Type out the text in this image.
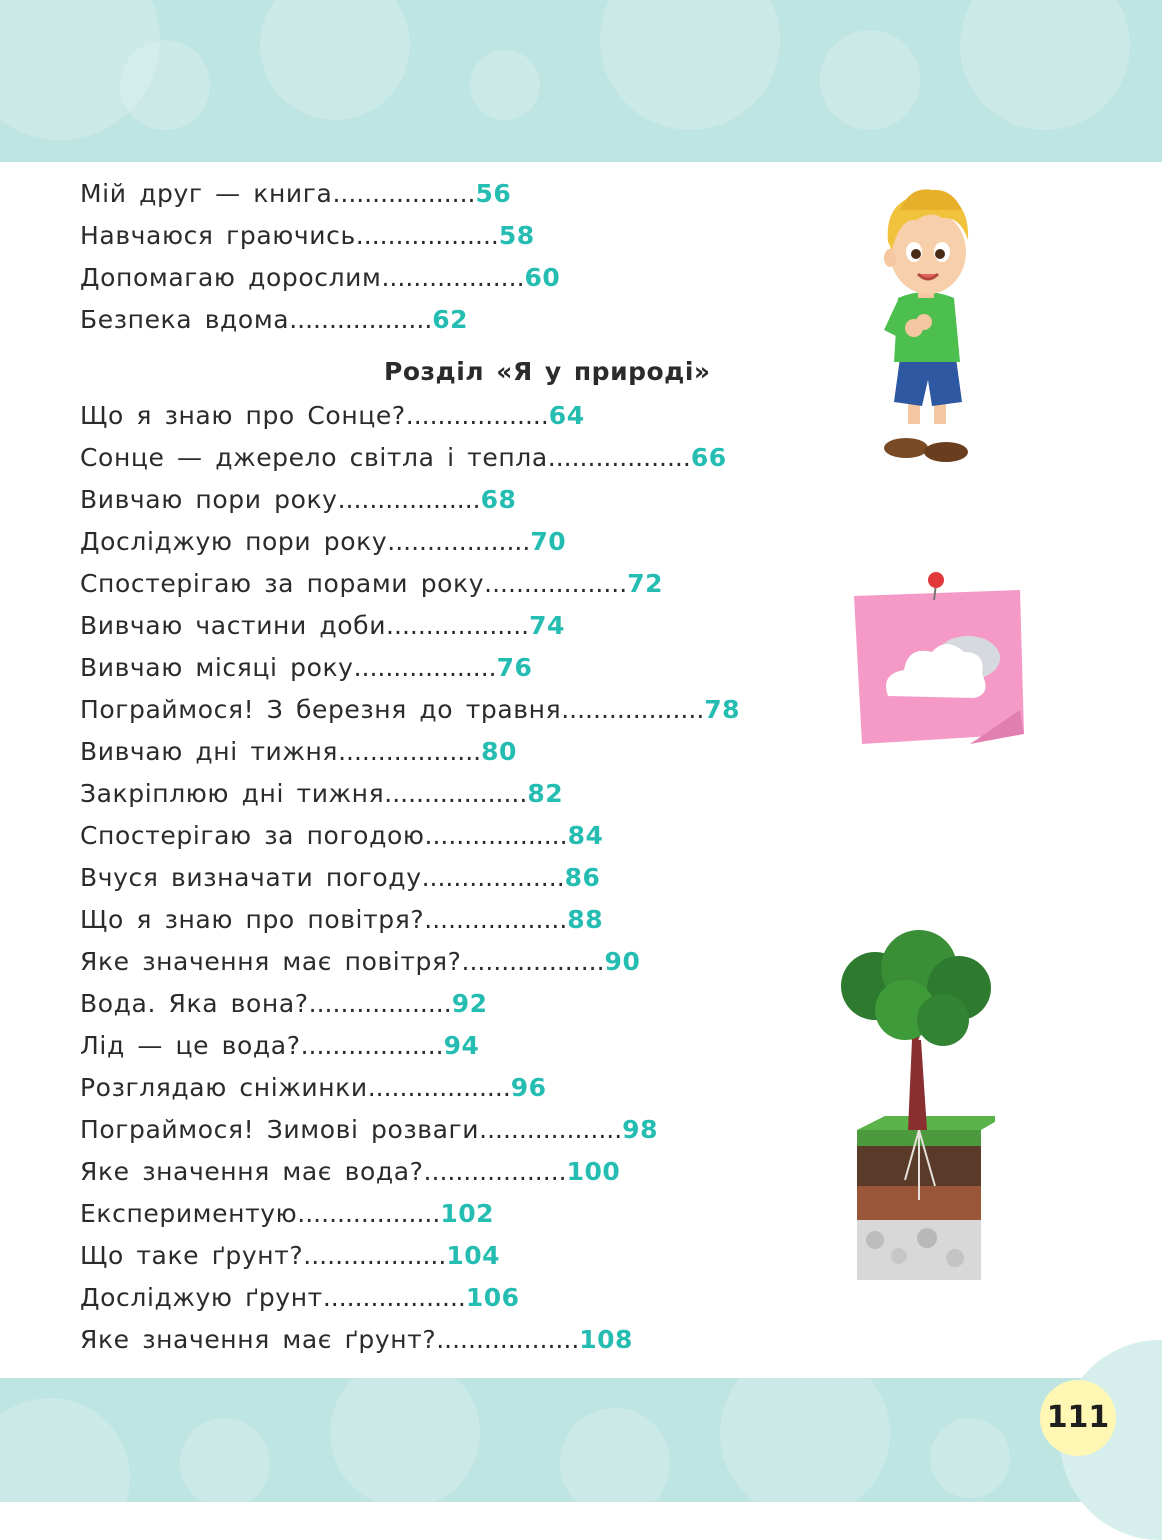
Мій друг — книга..................56
Навчаюся граючись..................58
Допомагаю дорослим..................60
Безпека вдома..................62
Розділ «Я у природі»
Що я знаю про Сонце?..................64
Сонце — джерело світла і тепла..................66
Вивчаю пори року..................68
Досліджую пори року..................70
Спостерігаю за порами року..................72
Вивчаю частини доби..................74
Вивчаю місяці року..................76
Пограймося! З березня до травня..................78
Вивчаю дні тижня..................80
Закріплюю дні тижня..................82
Спостерігаю за погодою..................84
Вчуся визначати погоду..................86
Що я знаю про повітря?..................88
Яке значення має повітря?..................90
Вода. Яка вона?..................92
Лід — це вода?..................94
Розглядаю сніжинки..................96
Пограймося! Зимові розваги..................98
Яке значення має вода?..................100
Експериментую..................102
Що таке ґрунт?..................104
Досліджую ґрунт..................106
Яке значення має ґрунт?..................108
111
